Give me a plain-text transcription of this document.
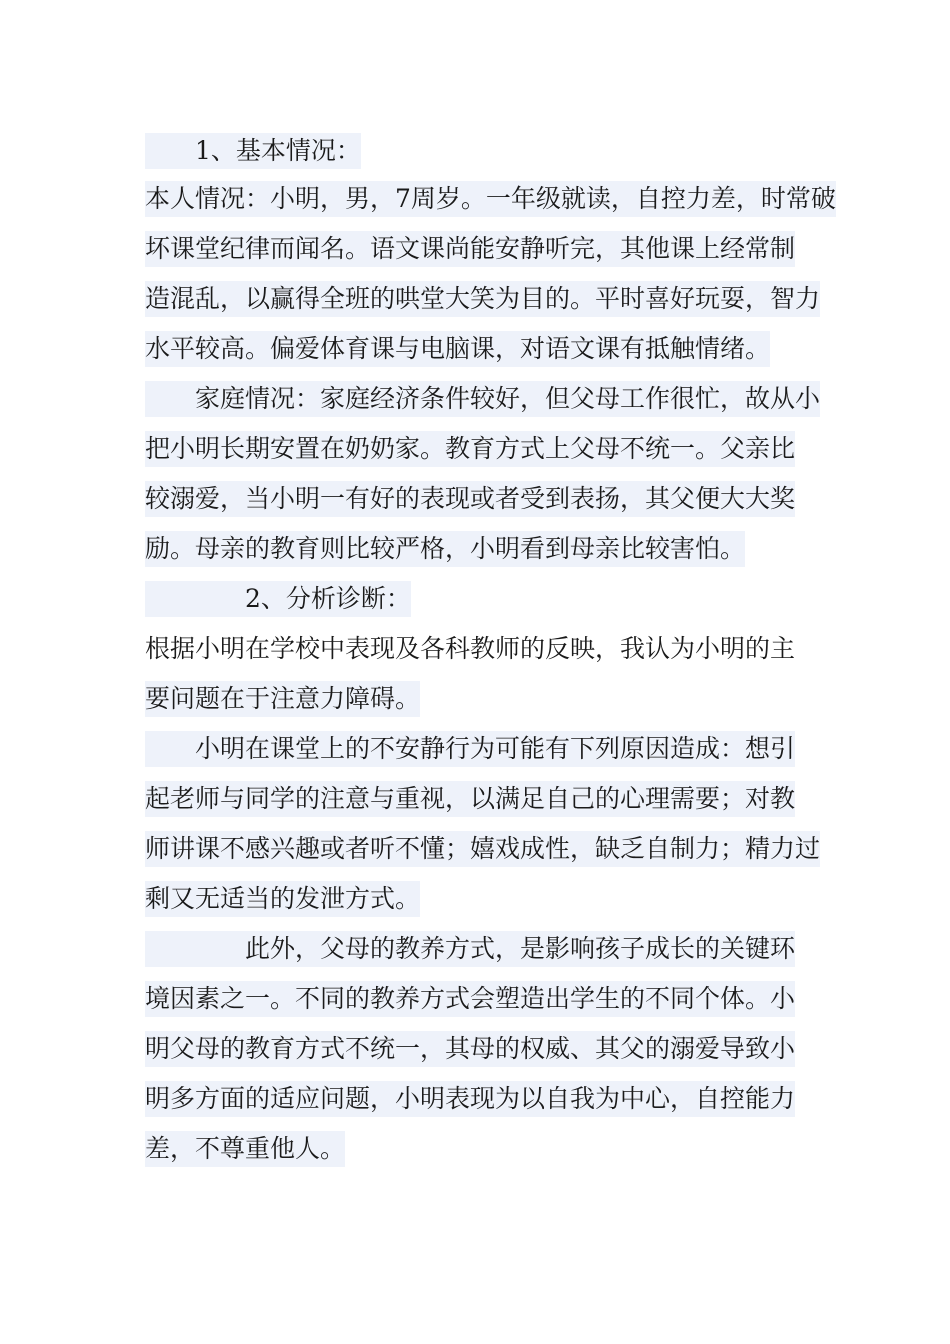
1、基本情况：
本人情况：小明，男，7周岁。一年级就读，自控力差，时常破
坏课堂纪律而闻名。语文课尚能安静听完，其他课上经常制
造混乱，以赢得全班的哄堂大笑为目的。平时喜好玩耍，智力
水平较高。偏爱体育课与电脑课，对语文课有抵触情绪。
家庭情况：家庭经济条件较好，但父母工作很忙，故从小
把小明长期安置在奶奶家。教育方式上父母不统一。父亲比
较溺爱，当小明一有好的表现或者受到表扬，其父便大大奖
励。母亲的教育则比较严格，小明看到母亲比较害怕。
2、分析诊断：
根据小明在学校中表现及各科教师的反映，我认为小明的主
要问题在于注意力障碍。
小明在课堂上的不安静行为可能有下列原因造成：想引
起老师与同学的注意与重视，以满足自己的心理需要；对教
师讲课不感兴趣或者听不懂；嬉戏成性，缺乏自制力；精力过
剩又无适当的发泄方式。
此外，父母的教养方式，是影响孩子成长的关键环
境因素之一。不同的教养方式会塑造出学生的不同个体。小
明父母的教育方式不统一，其母的权威、其父的溺爱导致小
明多方面的适应问题，小明表现为以自我为中心，自控能力
差，不尊重他人。
